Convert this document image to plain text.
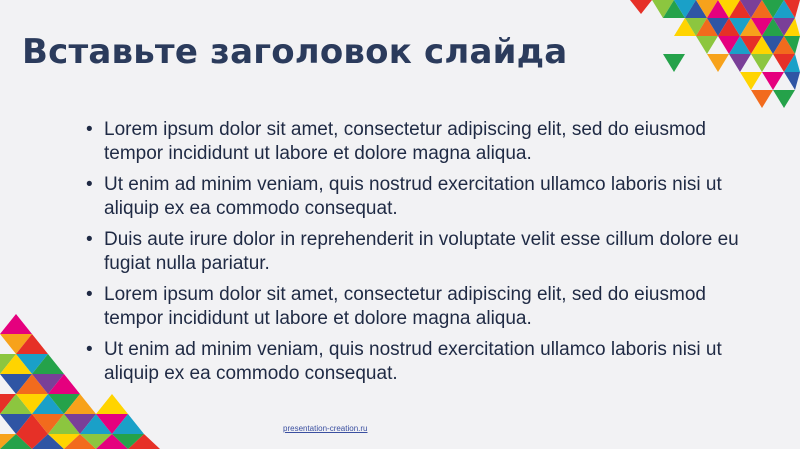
Вставьте заголовок слайда
• Lorem ipsum dolor sit amet, consectetur adipiscing elit, sed do eiusmod tempor incididunt ut labore et dolore magna aliqua.
• Ut enim ad minim veniam, quis nostrud exercitation ullamco laboris nisi ut aliquip ex ea commodo consequat.
• Duis aute irure dolor in reprehenderit in voluptate velit esse cillum dolore eu fugiat nulla pariatur.
• Lorem ipsum dolor sit amet, consectetur adipiscing elit, sed do eiusmod tempor incididunt ut labore et dolore magna aliqua.
• Ut enim ad minim veniam, quis nostrud exercitation ullamco laboris nisi ut aliquip ex ea commodo consequat.
presentation-creation.ru
